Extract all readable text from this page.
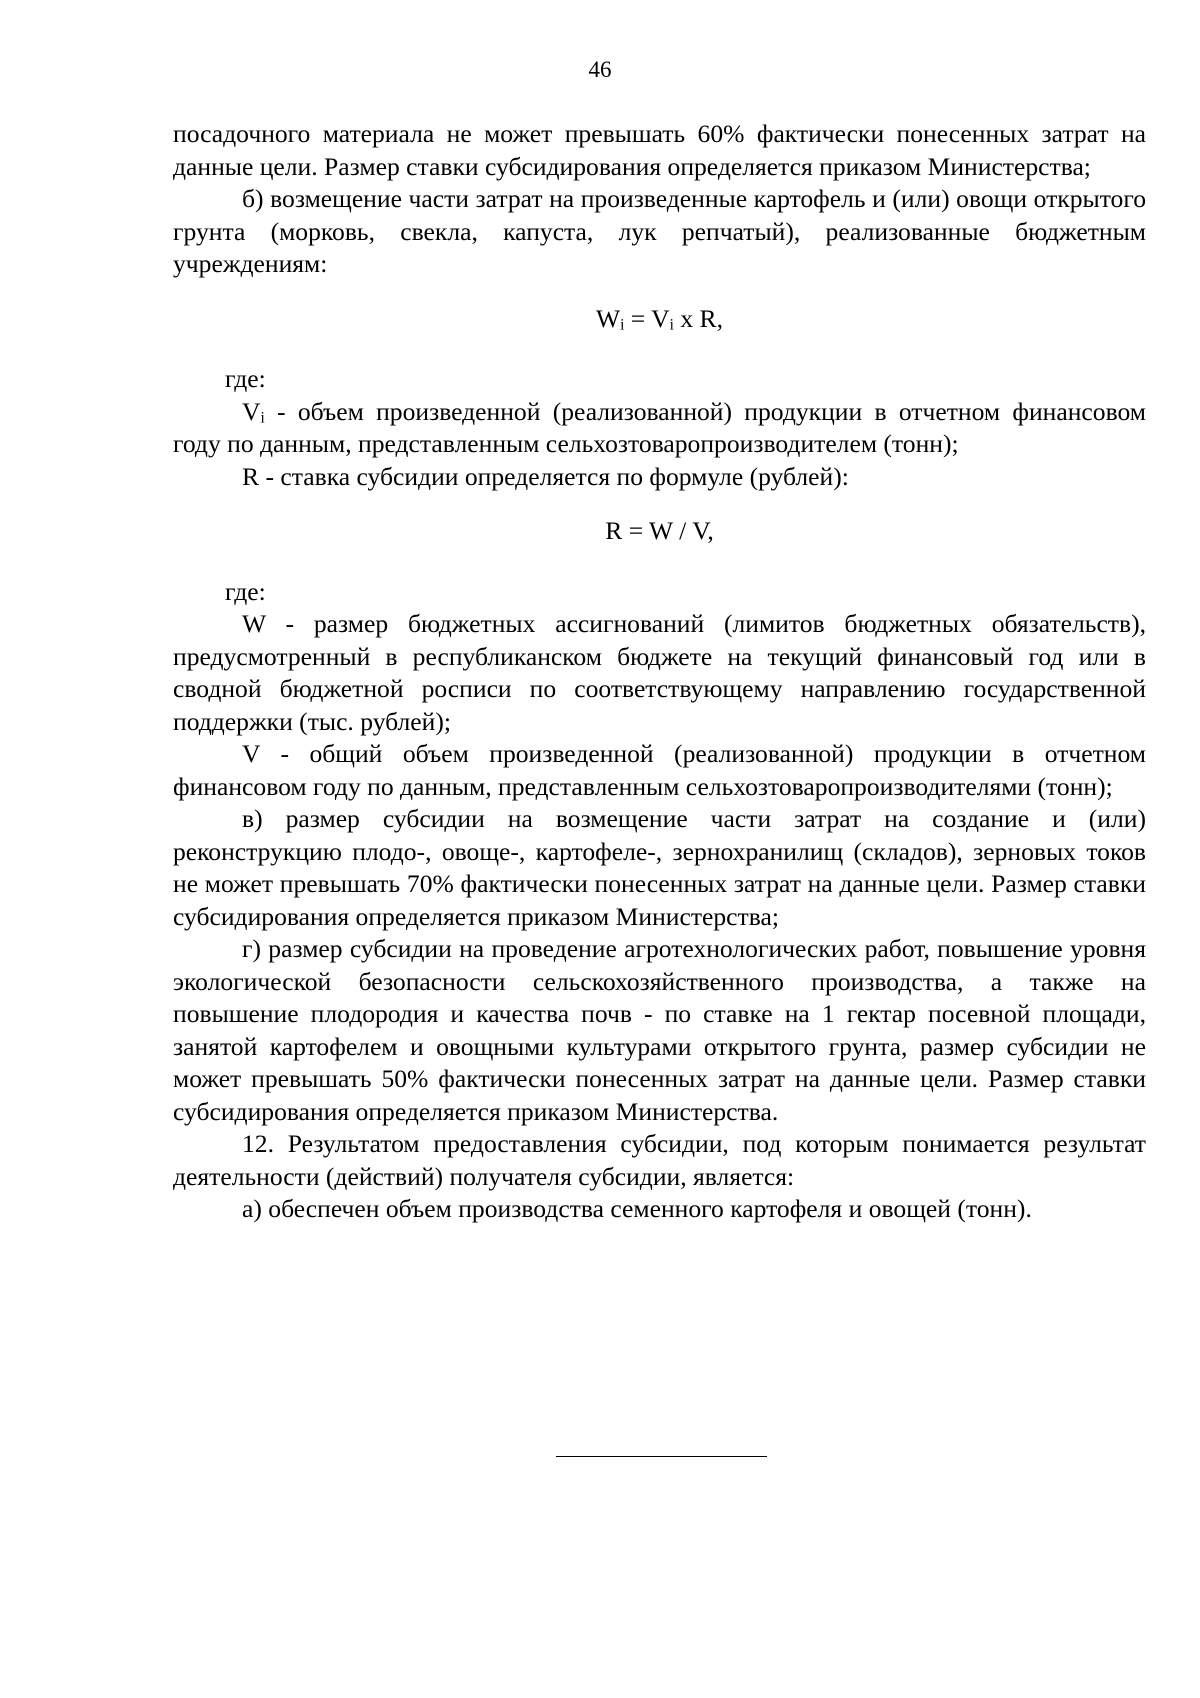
46

посадочного материала не может превышать 60% фактически понесенных затрат на данные цели. Размер ставки субсидирования определяется приказом Министерства;

б) возмещение части затрат на произведенные картофель и (или) овощи открытого грунта (морковь, свекла, капуста, лук репчатый), реализованные бюджетным учреждениям:

$W_i = V_i$ x R,

где:

$V_i$ - объем произведенной (реализованной) продукции в отчетном финансовом году по данным, представленным сельхозтоваропроизводителем (тонн);

R - ставка субсидии определяется по формуле (рублей):

R = W / V,

где:

W - размер бюджетных ассигнований (лимитов бюджетных обязательств), предусмотренный в республиканском бюджете на текущий финансовый год или в сводной бюджетной росписи по соответствующему направлению государственной поддержки (тыс. рублей);

V - общий объем произведенной (реализованной) продукции в отчетном финансовом году по данным, представленным сельхозтоваропроизводителями (тонн);

в) размер субсидии на возмещение части затрат на создание и (или) реконструкцию плодо-, овоще-, картофеле-, зернохранилищ (складов), зерновых токов не может превышать 70% фактически понесенных затрат на данные цели. Размер ставки субсидирования определяется приказом Министерства;

г) размер субсидии на проведение агротехнологических работ, повышение уровня экологической безопасности сельскохозяйственного производства, а также на повышение плодородия и качества почв - по ставке на 1 гектар посевной площади, занятой картофелем и овощными культурами открытого грунта, размер субсидии не может превышать 50% фактически понесенных затрат на данные цели. Размер ставки субсидирования определяется приказом Министерства.

12. Результатом предоставления субсидии, под которым понимается результат деятельности (действий) получателя субсидии, является:

а) обеспечен объем производства семенного картофеля и овощей (тонн).
